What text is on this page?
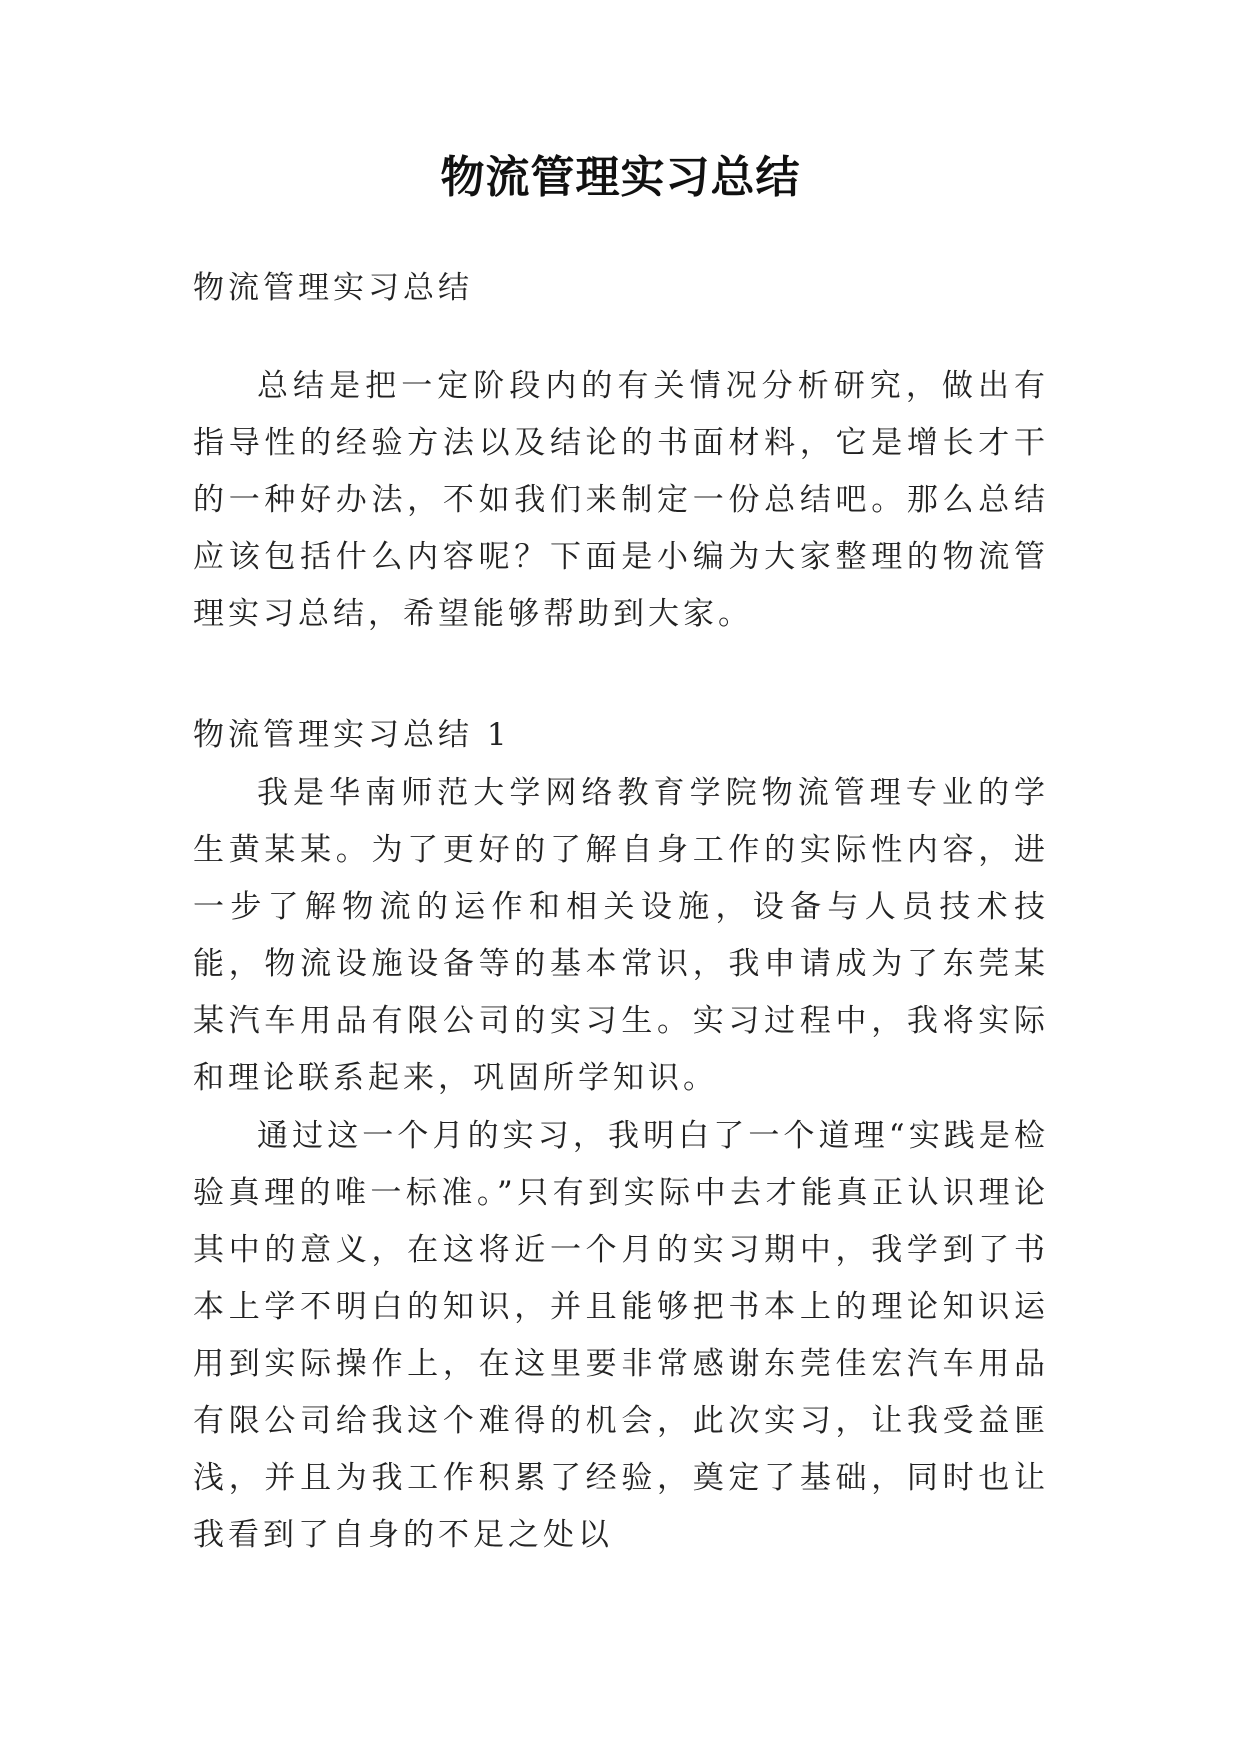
物流管理实习总结

物流管理实习总结

总结是把一定阶段内的有关情况分析研究，做出有指导性的经验方法以及结论的书面材料，它是增长才干的一种好办法，不如我们来制定一份总结吧。那么总结应该包括什么内容呢？下面是小编为大家整理的物流管理实习总结，希望能够帮助到大家。

物流管理实习总结 1

我是华南师范大学网络教育学院物流管理专业的学生黄某某。为了更好的了解自身工作的实际性内容，进一步了解物流的运作和相关设施，设备与人员技术技能，物流设施设备等的基本常识，我申请成为了东莞某某汽车用品有限公司的实习生。实习过程中，我将实际和理论联系起来，巩固所学知识。

通过这一个月的实习，我明白了一个道理“实践是检验真理的唯一标准。”只有到实际中去才能真正认识理论其中的意义，在这将近一个月的实习期中，我学到了书本上学不明白的知识，并且能够把书本上的理论知识运用到实际操作上，在这里要非常感谢东莞佳宏汽车用品有限公司给我这个难得的机会，此次实习，让我受益匪浅，并且为我工作积累了经验，奠定了基础，同时也让我看到了自身的不足之处以
